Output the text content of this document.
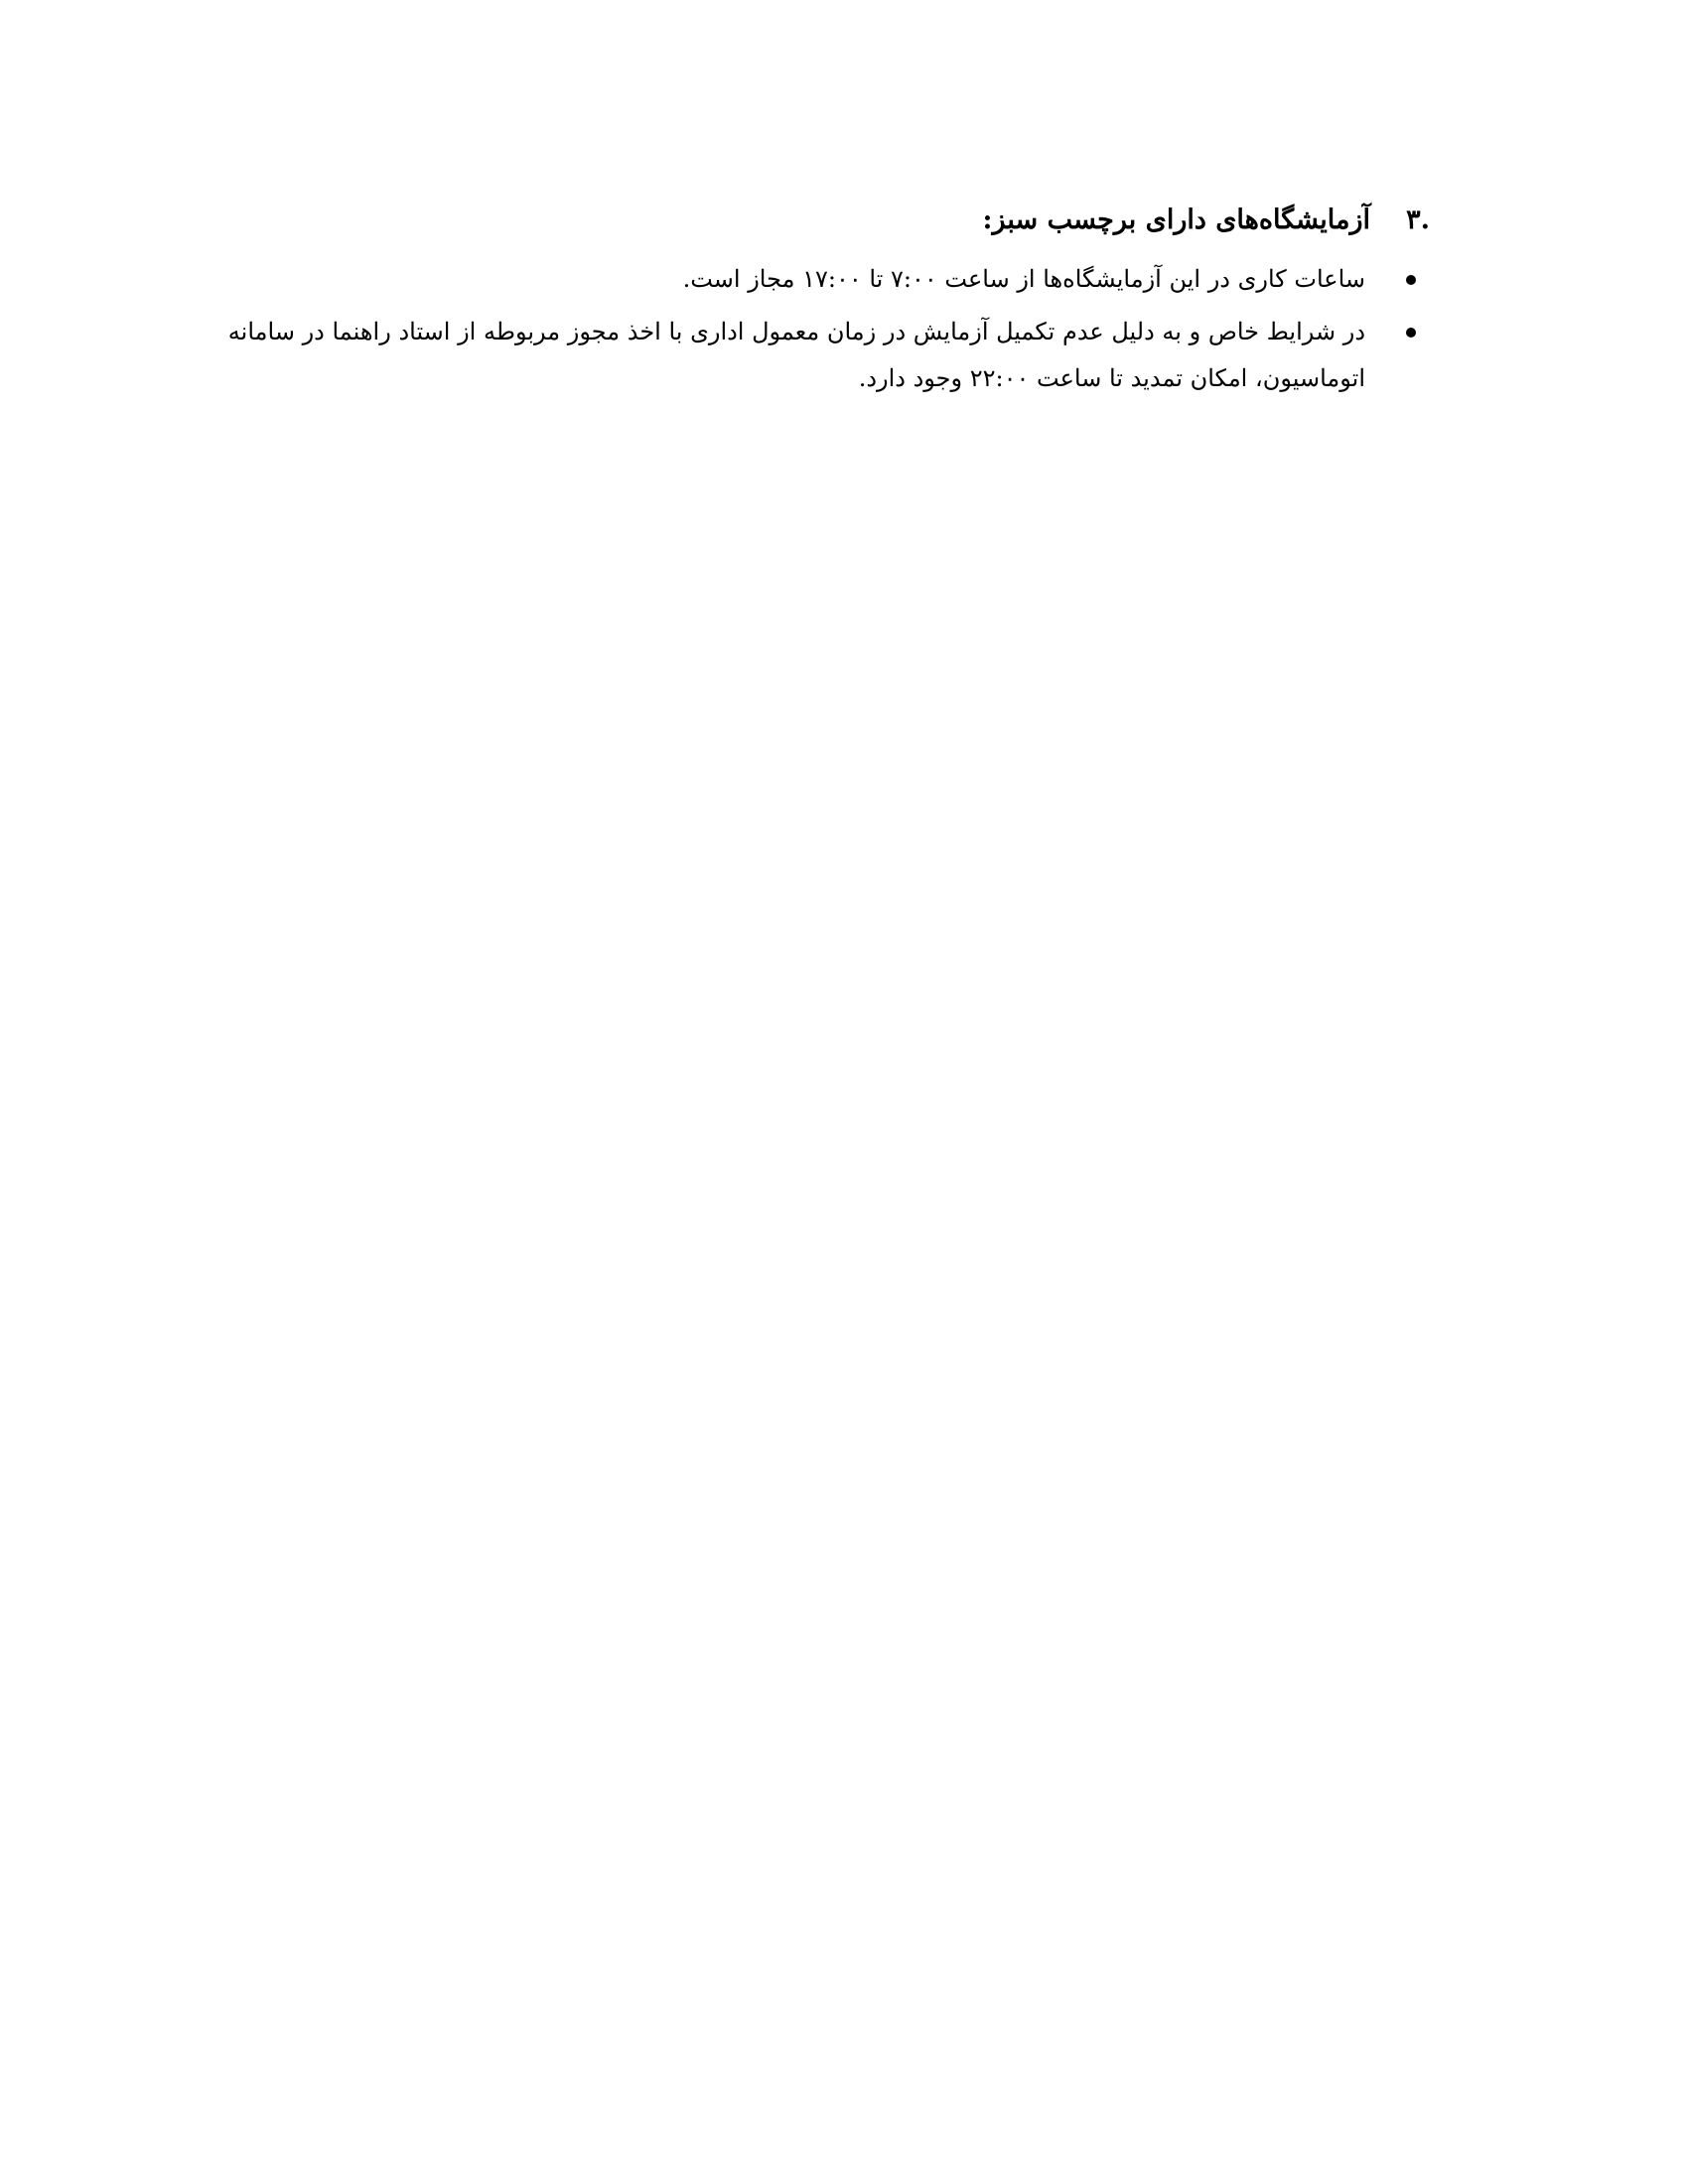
۳.
آزمایشگاه‌های دارای برچسب سبز:
ساعات کاری در این آزمایشگاه‌ها از ساعت ۷:۰۰ تا ۱۷:۰۰ مجاز است.
در شرایط خاص و به دلیل عدم تکمیل آزمایش در زمان معمول اداری با اخذ مجوز مربوطه از استاد راهنما در سامانه اتوماسیون، امکان تمدید تا ساعت ۲۲:۰۰ وجود دارد.
